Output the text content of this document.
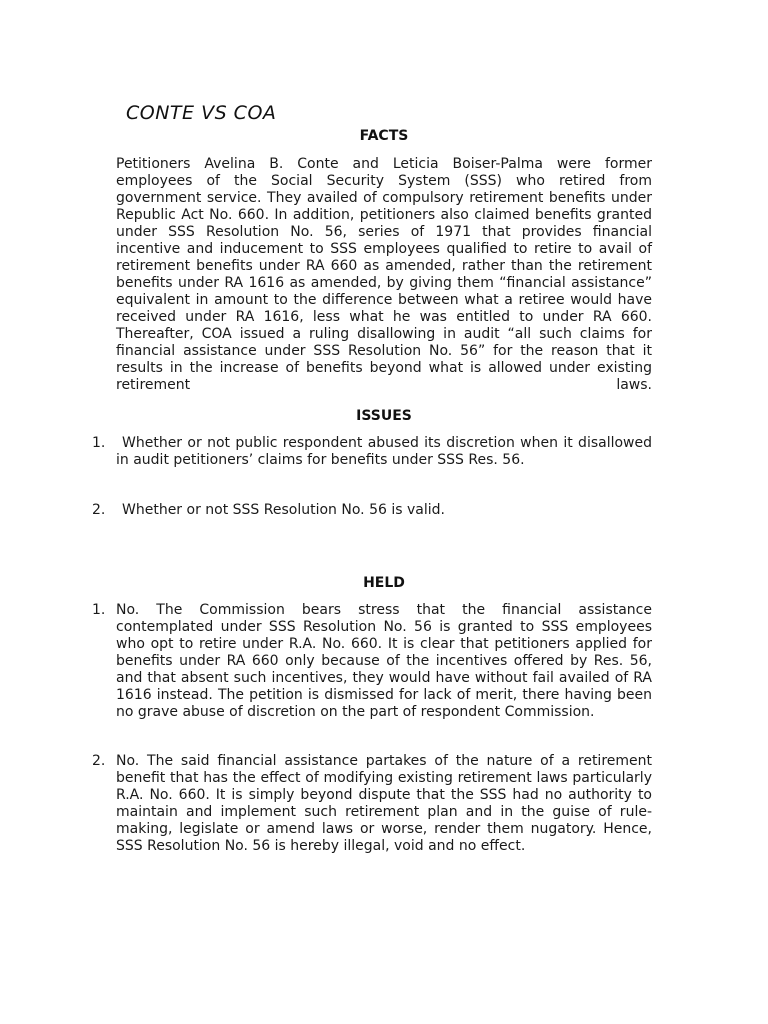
CONTE VS COA
FACTS
Petitioners Avelina B. Conte and Leticia Boiser-Palma were former employees of the Social Security System (SSS) who retired from government service. They availed of compulsory retirement benefits under Republic Act No. 660. In addition, petitioners also claimed benefits granted under SSS Resolution No. 56, series of 1971 that provides financial incentive and inducement to SSS employees qualified to retire to avail of retirement benefits under RA 660 as amended, rather than the retirement benefits under RA 1616 as amended, by giving them “financial assistance” equivalent in amount to the difference between what a retiree would have received under RA 1616, less what he was entitled to under RA 660. Thereafter, COA issued a ruling disallowing in audit “all such claims for financial assistance under SSS Resolution No. 56” for the reason that it results in the increase of benefits beyond what is allowed under existing retirement laws.
ISSUES
1.	Whether or not public respondent abused its discretion when it disallowed in audit petitioners’ claims for benefits under SSS Res. 56.
2.	Whether or not SSS Resolution No. 56 is valid.
HELD
1. No. The Commission bears stress that the financial assistance contemplated under SSS Resolution No. 56 is granted to SSS employees who opt to retire under R.A. No. 660. It is clear that petitioners applied for benefits under RA 660 only because of the incentives offered by Res. 56, and that absent such incentives, they would have without fail availed of RA 1616 instead. The petition is dismissed for lack of merit, there having been no grave abuse of discretion on the part of respondent Commission.
2. No. The said financial assistance partakes of the nature of a retirement benefit that has the effect of modifying existing retirement laws particularly R.A. No. 660. It is simply beyond dispute that the SSS had no authority to maintain and implement such retirement plan and in the guise of rule-making, legislate or amend laws or worse, render them nugatory. Hence, SSS Resolution No. 56 is hereby illegal, void and no effect.
